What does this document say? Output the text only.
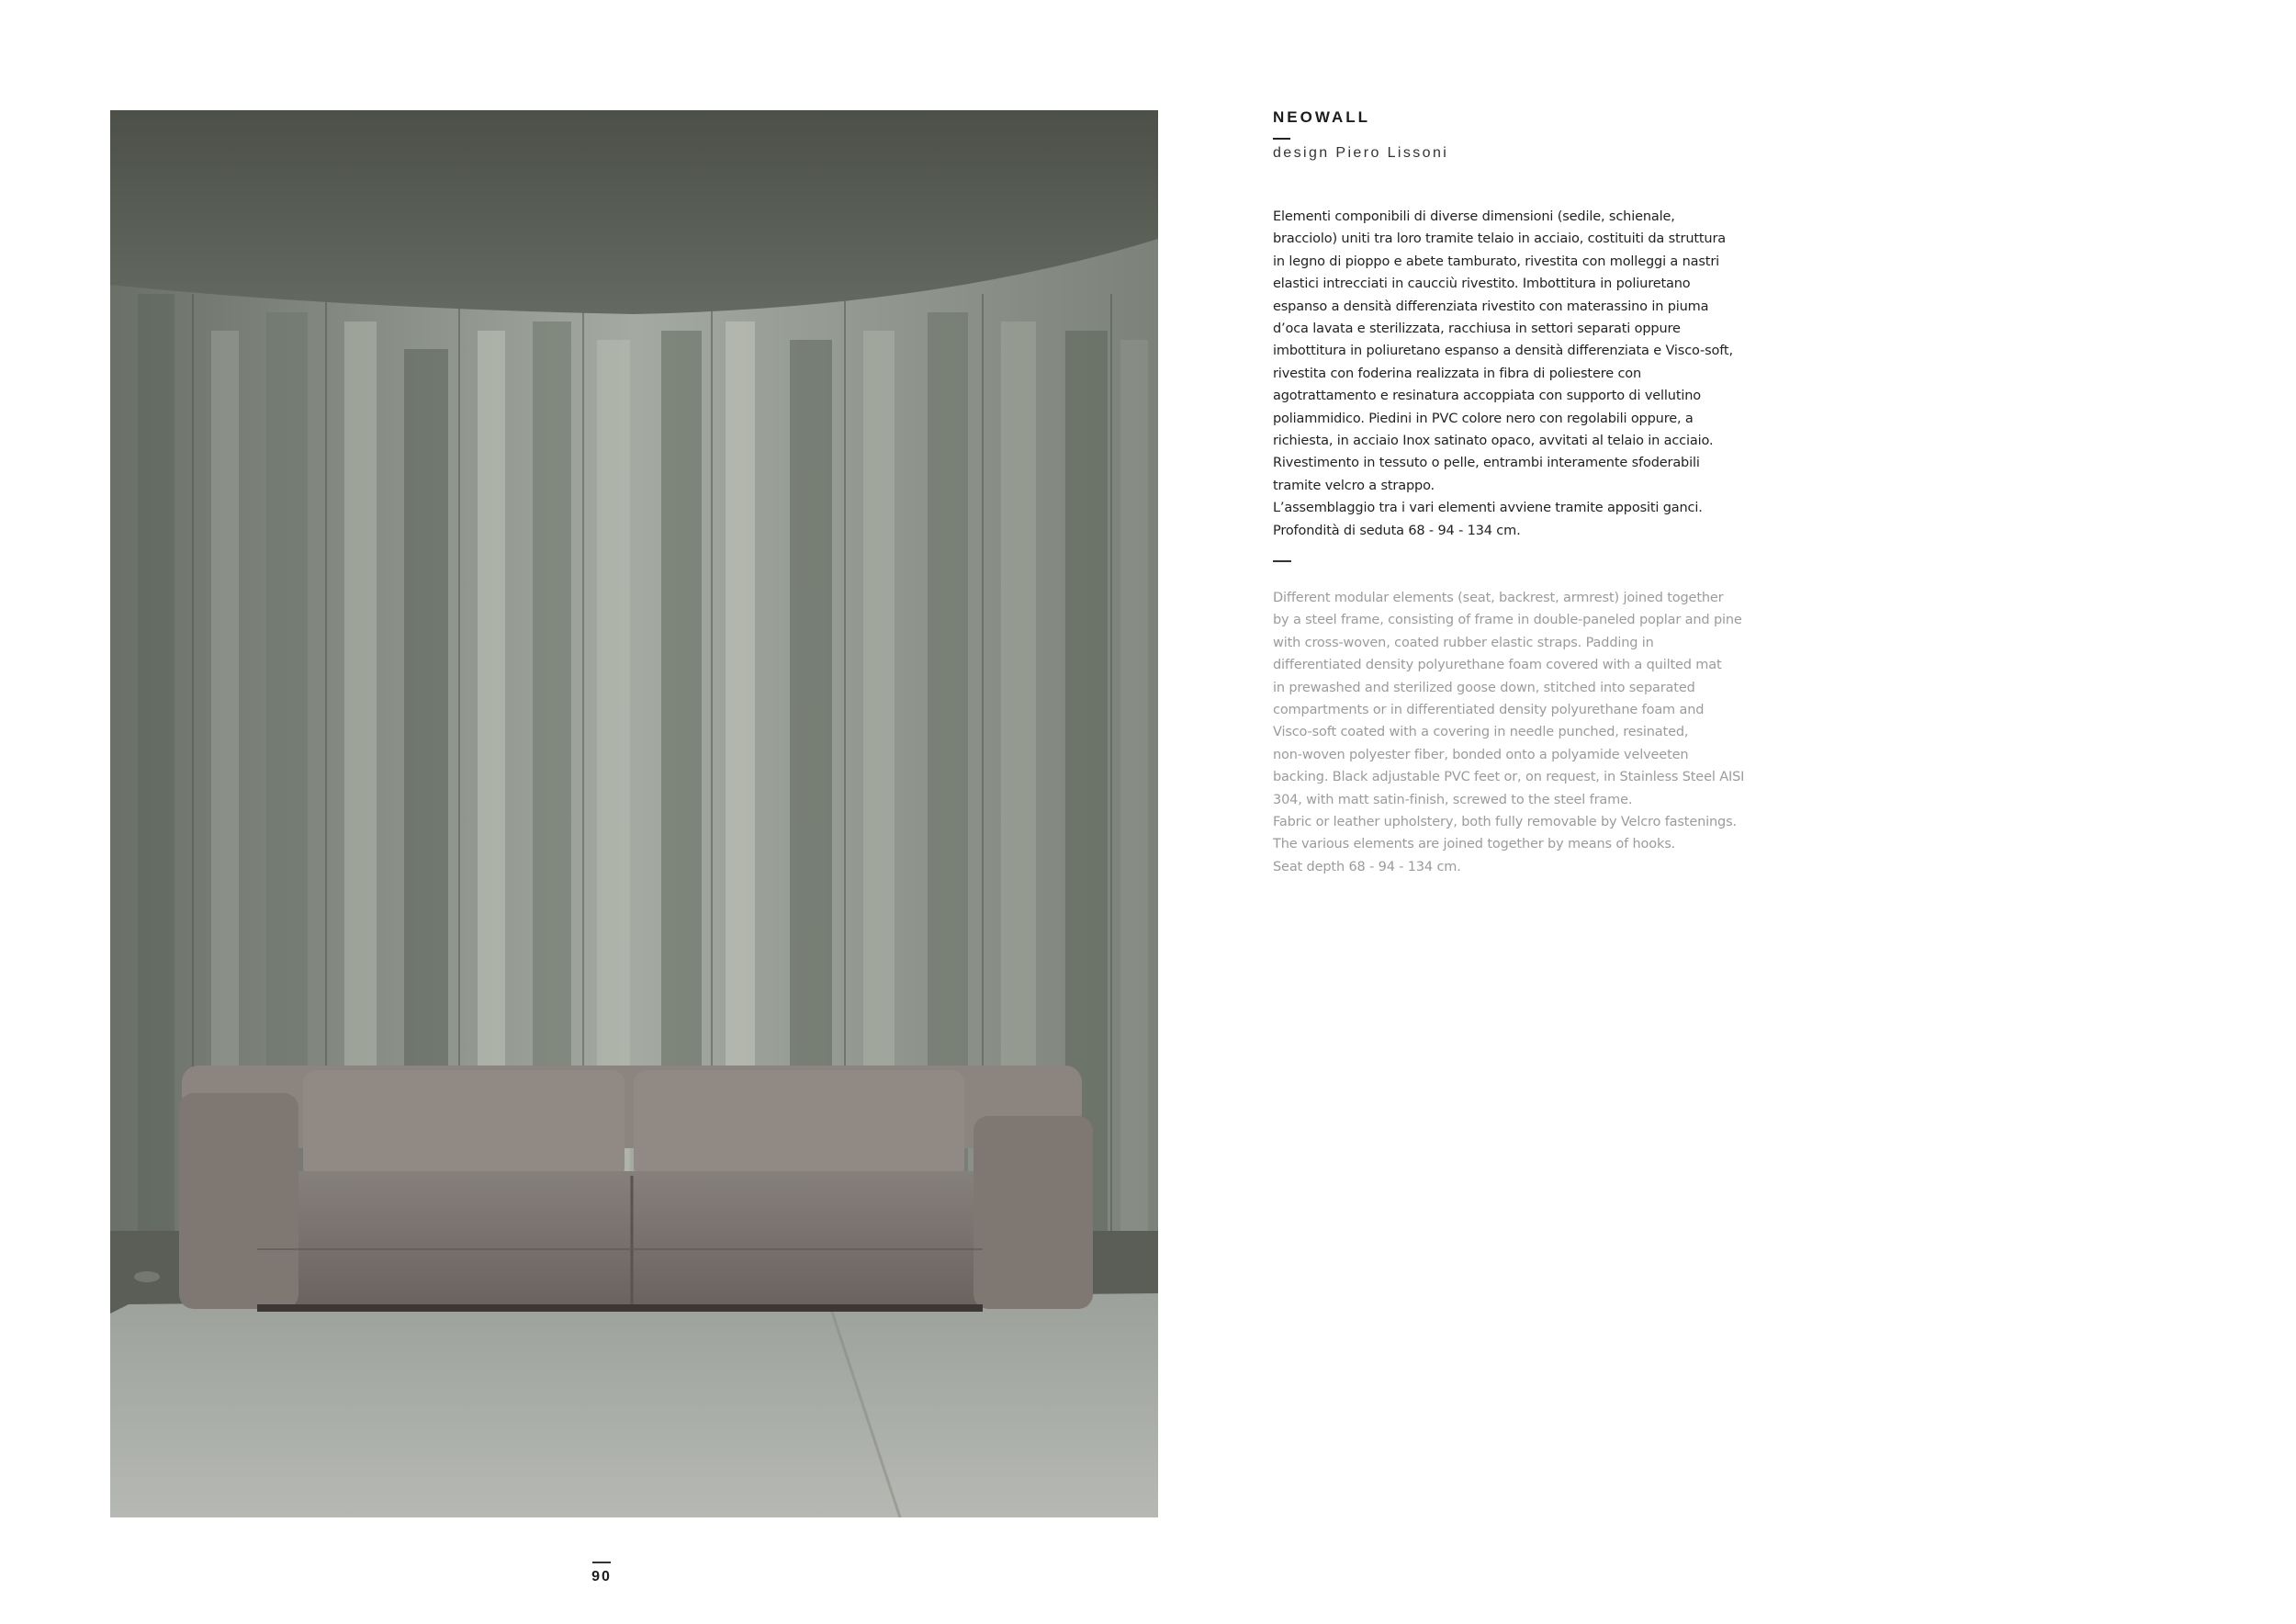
NEOWALL
design Piero Lissoni

Elementi componibili di diverse dimensioni (sedile, schienale,
bracciolo) uniti tra loro tramite telaio in acciaio, costituiti da struttura
in legno di pioppo e abete tamburato, rivestita con molleggi a nastri
elastici intrecciati in caucciù rivestito. Imbottitura in poliuretano
espanso a densità differenziata rivestito con materassino in piuma
d’oca lavata e sterilizzata, racchiusa in settori separati oppure
imbottitura in poliuretano espanso a densità differenziata e Visco-soft,
rivestita con foderina realizzata in fibra di poliestere con
agotrattamento e resinatura accoppiata con supporto di vellutino
poliammidico. Piedini in PVC colore nero con regolabili oppure, a
richiesta, in acciaio Inox satinato opaco, avvitati al telaio in acciaio.
Rivestimento in tessuto o pelle, entrambi interamente sfoderabili
tramite velcro a strappo.
L’assemblaggio tra i vari elementi avviene tramite appositi ganci.
Profondità di seduta 68 - 94 - 134 cm.

Different modular elements (seat, backrest, armrest) joined together
by a steel frame, consisting of frame in double-paneled poplar and pine
with cross-woven, coated rubber elastic straps. Padding in
differentiated density polyurethane foam covered with a quilted mat
in prewashed and sterilized goose down, stitched into separated
compartments or in differentiated density polyurethane foam and
Visco-soft coated with a covering in needle punched, resinated,
non-woven polyester fiber, bonded onto a polyamide velveeten
backing. Black adjustable PVC feet or, on request, in Stainless Steel AISI
304, with matt satin-finish, screwed to the steel frame.
Fabric or leather upholstery, both fully removable by Velcro fastenings.
The various elements are joined together by means of hooks.
Seat depth 68 - 94 - 134 cm.

90
